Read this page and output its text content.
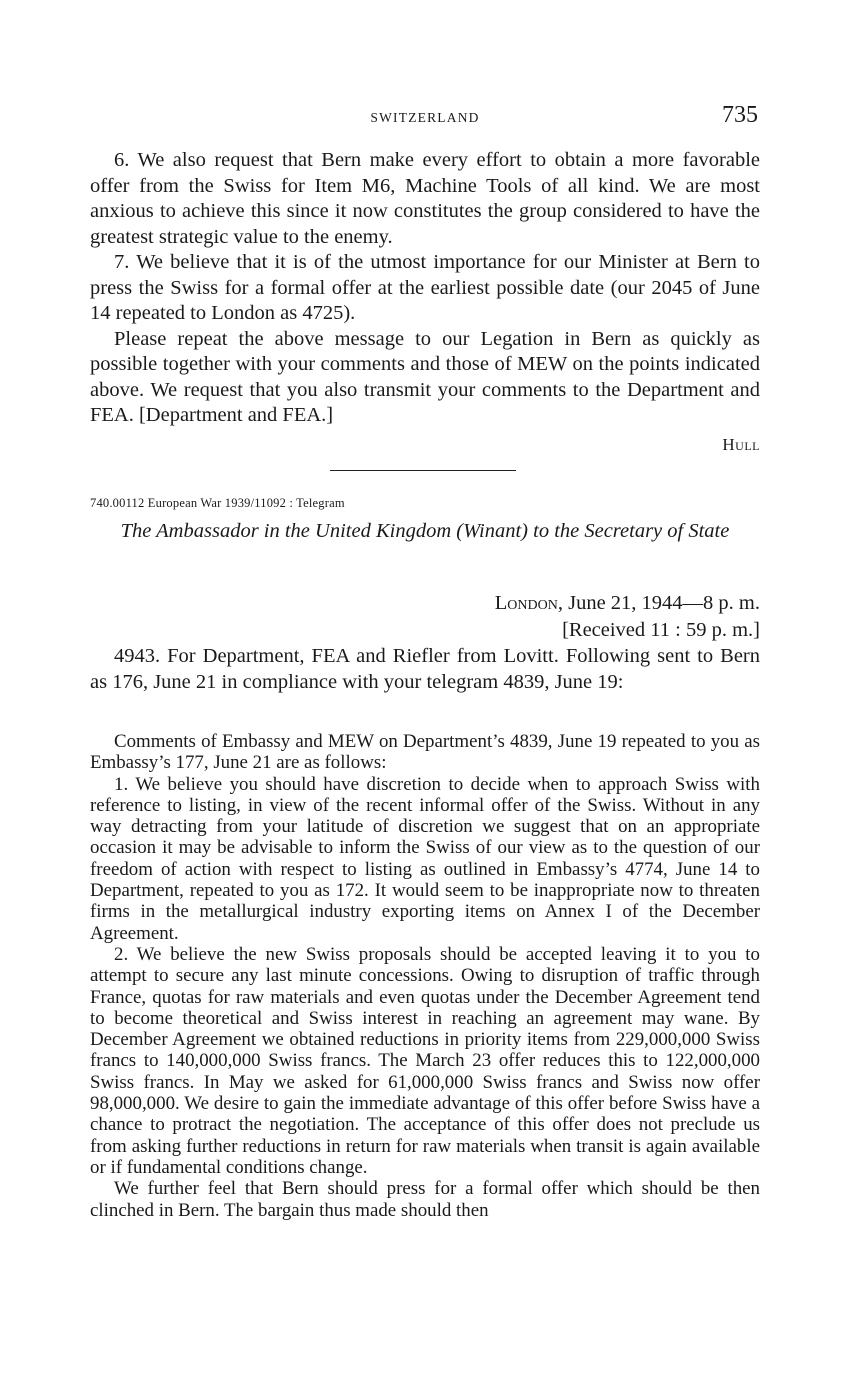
SWITZERLAND	735

6. We also request that Bern make every effort to obtain a more favorable offer from the Swiss for Item M6, Machine Tools of all kind. We are most anxious to achieve this since it now constitutes the group considered to have the greatest strategic value to the enemy.

7. We believe that it is of the utmost importance for our Minister at Bern to press the Swiss for a formal offer at the earliest possible date (our 2045 of June 14 repeated to London as 4725).

Please repeat the above message to our Legation in Bern as quickly as possible together with your comments and those of MEW on the points indicated above. We request that you also transmit your comments to the Department and FEA. [Department and FEA.]

Hull
740.00112 European War 1939/11092 : Telegram
The Ambassador in the United Kingdom (Winant) to the Secretary of State
London, June 21, 1944—8 p. m.
[Received 11 : 59 p. m.]

4943. For Department, FEA and Riefler from Lovitt. Following sent to Bern as 176, June 21 in compliance with your telegram 4839, June 19:

Comments of Embassy and MEW on Department’s 4839, June 19 repeated to you as Embassy’s 177, June 21 are as follows:

1. We believe you should have discretion to decide when to approach Swiss with reference to listing, in view of the recent informal offer of the Swiss. Without in any way detracting from your latitude of discretion we suggest that on an appropriate occasion it may be advisable to inform the Swiss of our view as to the question of our freedom of action with respect to listing as outlined in Embassy’s 4774, June 14 to Department, repeated to you as 172. It would seem to be inappropriate now to threaten firms in the metallurgical industry exporting items on Annex I of the December Agreement.

2. We believe the new Swiss proposals should be accepted leaving it to you to attempt to secure any last minute concessions. Owing to disruption of traffic through France, quotas for raw materials and even quotas under the December Agreement tend to become theoretical and Swiss interest in reaching an agreement may wane. By December Agreement we obtained reductions in priority items from 229,000,000 Swiss francs to 140,000,000 Swiss francs. The March 23 offer reduces this to 122,000,000 Swiss francs. In May we asked for 61,000,000 Swiss francs and Swiss now offer 98,000,000. We desire to gain the immediate advantage of this offer before Swiss have a chance to protract the negotiation. The acceptance of this offer does not preclude us from asking further reductions in return for raw materials when transit is again available or if fundamental conditions change.

We further feel that Bern should press for a formal offer which should be then clinched in Bern. The bargain thus made should then
